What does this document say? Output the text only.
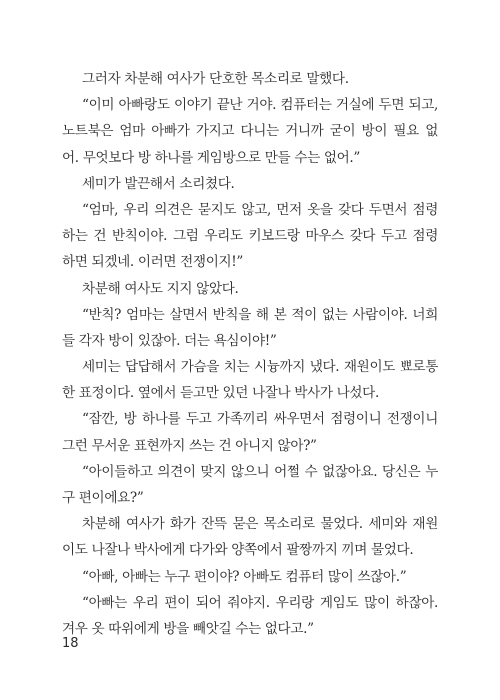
그러자 차분해 여사가 단호한 목소리로 말했다.
“이미 아빠랑도 이야기 끝난 거야. 컴퓨터는 거실에 두면 되고,
노트북은 엄마 아빠가 가지고 다니는 거니까 굳이 방이 필요 없
어. 무엇보다 방 하나를 게임방으로 만들 수는 없어.”
세미가 발끈해서 소리쳤다.
“엄마, 우리 의견은 묻지도 않고, 먼저 옷을 갖다 두면서 점령
하는 건 반칙이야. 그럼 우리도 키보드랑 마우스 갖다 두고 점령
하면 되겠네. 이러면 전쟁이지!”
차분해 여사도 지지 않았다.
“반칙? 엄마는 살면서 반칙을 해 본 적이 없는 사람이야. 너희
들 각자 방이 있잖아. 더는 욕심이야!”
세미는 답답해서 가슴을 치는 시늉까지 냈다. 재원이도 뾰로통
한 표정이다. 옆에서 듣고만 있던 나잘나 박사가 나섰다.
“잠깐, 방 하나를 두고 가족끼리 싸우면서 점령이니 전쟁이니
그런 무서운 표현까지 쓰는 건 아니지 않아?”
“아이들하고 의견이 맞지 않으니 어쩔 수 없잖아요. 당신은 누
구 편이에요?”
차분해 여사가 화가 잔뜩 묻은 목소리로 물었다. 세미와 재원
이도 나잘나 박사에게 다가와 양쪽에서 팔짱까지 끼며 물었다.
“아빠, 아빠는 누구 편이야? 아빠도 컴퓨터 많이 쓰잖아.”
“아빠는 우리 편이 되어 줘야지. 우리랑 게임도 많이 하잖아.
겨우 옷 따위에게 방을 빼앗길 수는 없다고.”
18
